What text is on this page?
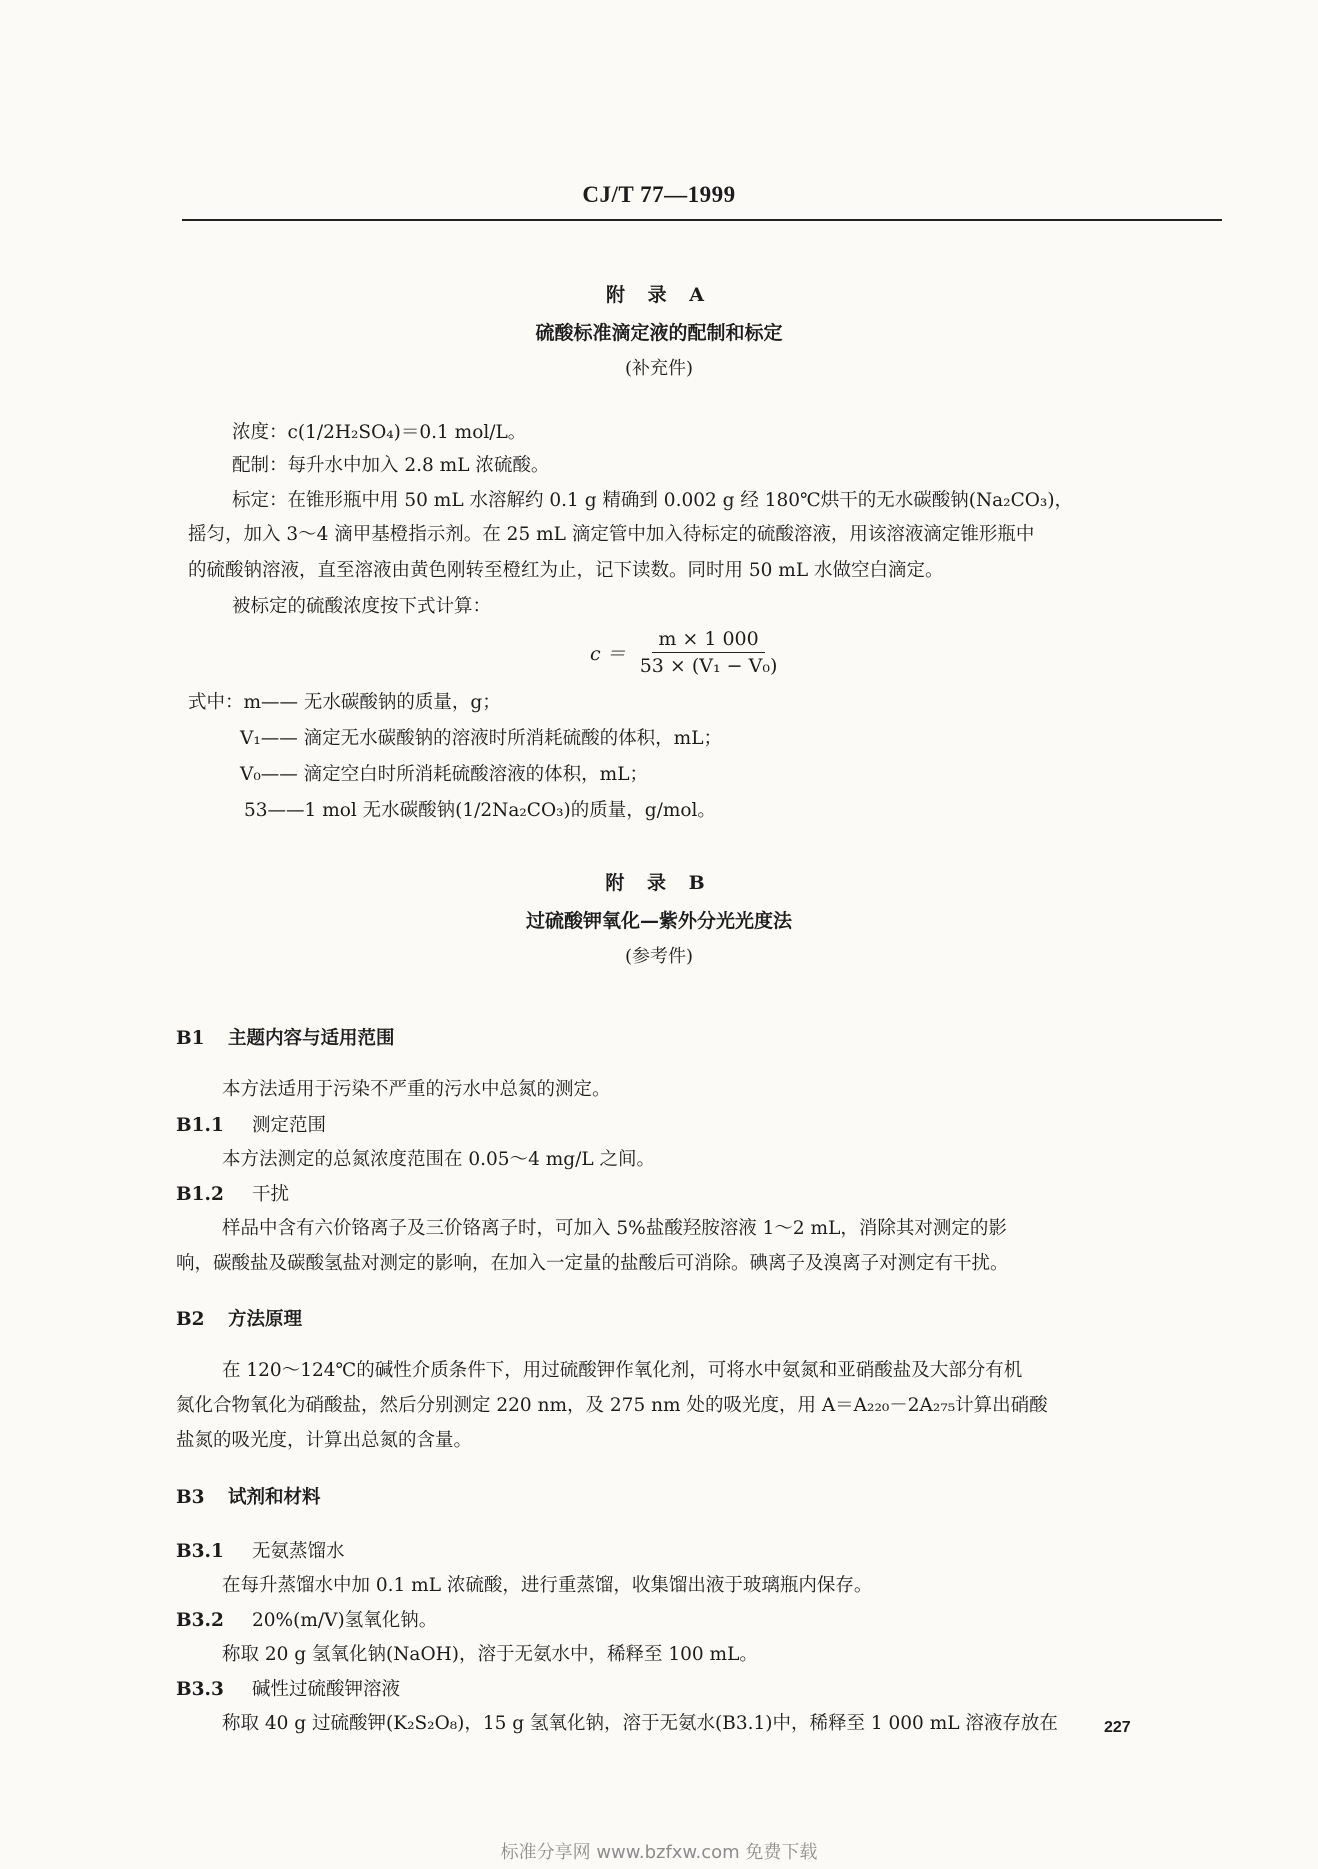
CJ/T 77—1999
附 录 A
硫酸标准滴定液的配制和标定
(补充件)
浓度：c(1/2H₂SO₄)＝0.1 mol/L。
配制：每升水中加入 2.8 mL 浓硫酸。
标定：在锥形瓶中用 50 mL 水溶解约 0.1 g 精确到 0.002 g 经 180℃烘干的无水碳酸钠(Na₂CO₃)，
摇匀，加入 3～4 滴甲基橙指示剂。在 25 mL 滴定管中加入待标定的硫酸溶液，用该溶液滴定锥形瓶中
的硫酸钠溶液，直至溶液由黄色刚转至橙红为止，记下读数。同时用 50 mL 水做空白滴定。
被标定的硫酸浓度按下式计算：
$c = \frac{m \times 1 000}{\text{53 × (V₁ − V₀)}}$
式中：m—— 无水碳酸钠的质量，g；
V₁—— 滴定无水碳酸钠的溶液时所消耗硫酸的体积，mL；
V₀—— 滴定空白时所消耗硫酸溶液的体积，mL；
53——1 mol 无水碳酸钠(1/2Na₂CO₃)的质量，g/mol。
附 录 B
过硫酸钾氧化—紫外分光光度法
(参考件)
B1 主题内容与适用范围
本方法适用于污染不严重的污水中总氮的测定。
B1.1 测定范围
本方法测定的总氮浓度范围在 0.05～4 mg/L 之间。
B1.2 干扰
样品中含有六价铬离子及三价铬离子时，可加入 5%盐酸羟胺溶液 1～2 mL，消除其对测定的影
响，碳酸盐及碳酸氢盐对测定的影响，在加入一定量的盐酸后可消除。碘离子及溴离子对测定有干扰。
B2 方法原理
在 120～124℃的碱性介质条件下，用过硫酸钾作氧化剂，可将水中氨氮和亚硝酸盐及大部分有机
氮化合物氧化为硝酸盐，然后分别测定 220 nm，及 275 nm 处的吸光度，用 A＝A₂₂₀－2A₂₇₅计算出硝酸
盐氮的吸光度，计算出总氮的含量。
B3 试剂和材料
B3.1 无氨蒸馏水
在每升蒸馏水中加 0.1 mL 浓硫酸，进行重蒸馏，收集馏出液于玻璃瓶内保存。
B3.2 20%(m/V)氢氧化钠。
称取 20 g 氢氧化钠(NaOH)，溶于无氨水中，稀释至 100 mL。
B3.3 碱性过硫酸钾溶液
称取 40 g 过硫酸钾(K₂S₂O₈)，15 g 氢氧化钠，溶于无氨水(B3.1)中，稀释至 1 000 mL 溶液存放在	227
标准分享网 www.bzfxw.com 免费下载
